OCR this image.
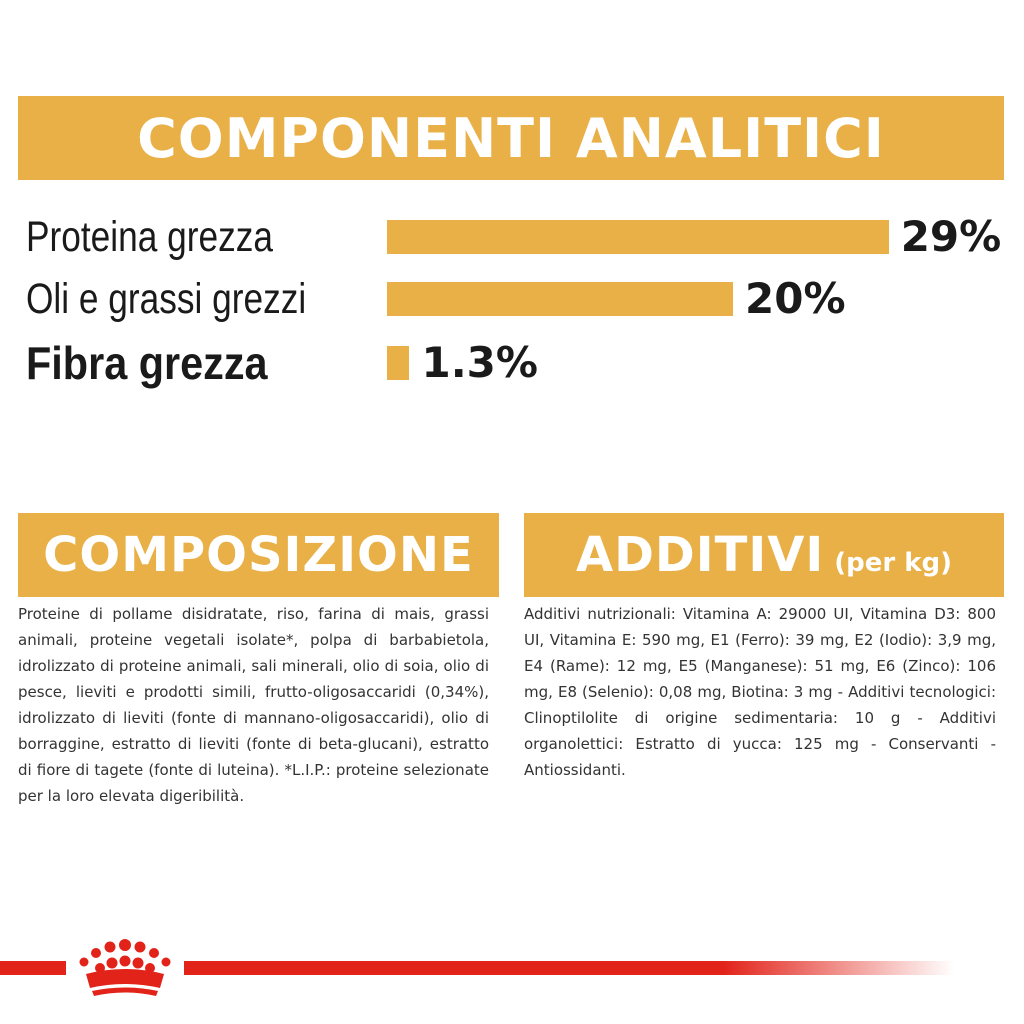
COMPONENTI ANALITICI
Proteina grezza	29%
Oli e grassi grezzi	20%
Fibra grezza	1.3%
COMPOSIZIONE ADDITIVI (per kg)

Proteine di pollame disidratate, riso, farina di mais, grassi animali, proteine vegetali isolate*, polpa di barbabietola, idrolizzato di proteine animali, sali minerali, olio di soia, olio di pesce, lieviti e prodotti simili, frutto-oligosaccaridi (0,34%), idrolizzato di lieviti (fonte di mannano-oligosaccaridi), olio di borraggine, estratto di lieviti (fonte di beta-glucani), estratto di fiore di tagete (fonte di luteina). *L.I.P.: proteine selezionate per la loro elevata digeribilità.

Additivi nutrizionali: Vitamina A: 29000 UI, Vitamina D3: 800 UI, Vitamina E: 590 mg, E1 (Ferro): 39 mg, E2 (Iodio): 3,9 mg, E4 (Rame): 12 mg, E5 (Manganese): 51 mg, E6 (Zinco): 106 mg, E8 (Selenio): 0,08 mg, Biotina: 3 mg - Additivi tecnologici: Clinoptilolite di origine sedimentaria: 10 g - Additivi organolettici: Estratto di yucca: 125 mg - Conservanti - Antiossidanti.
